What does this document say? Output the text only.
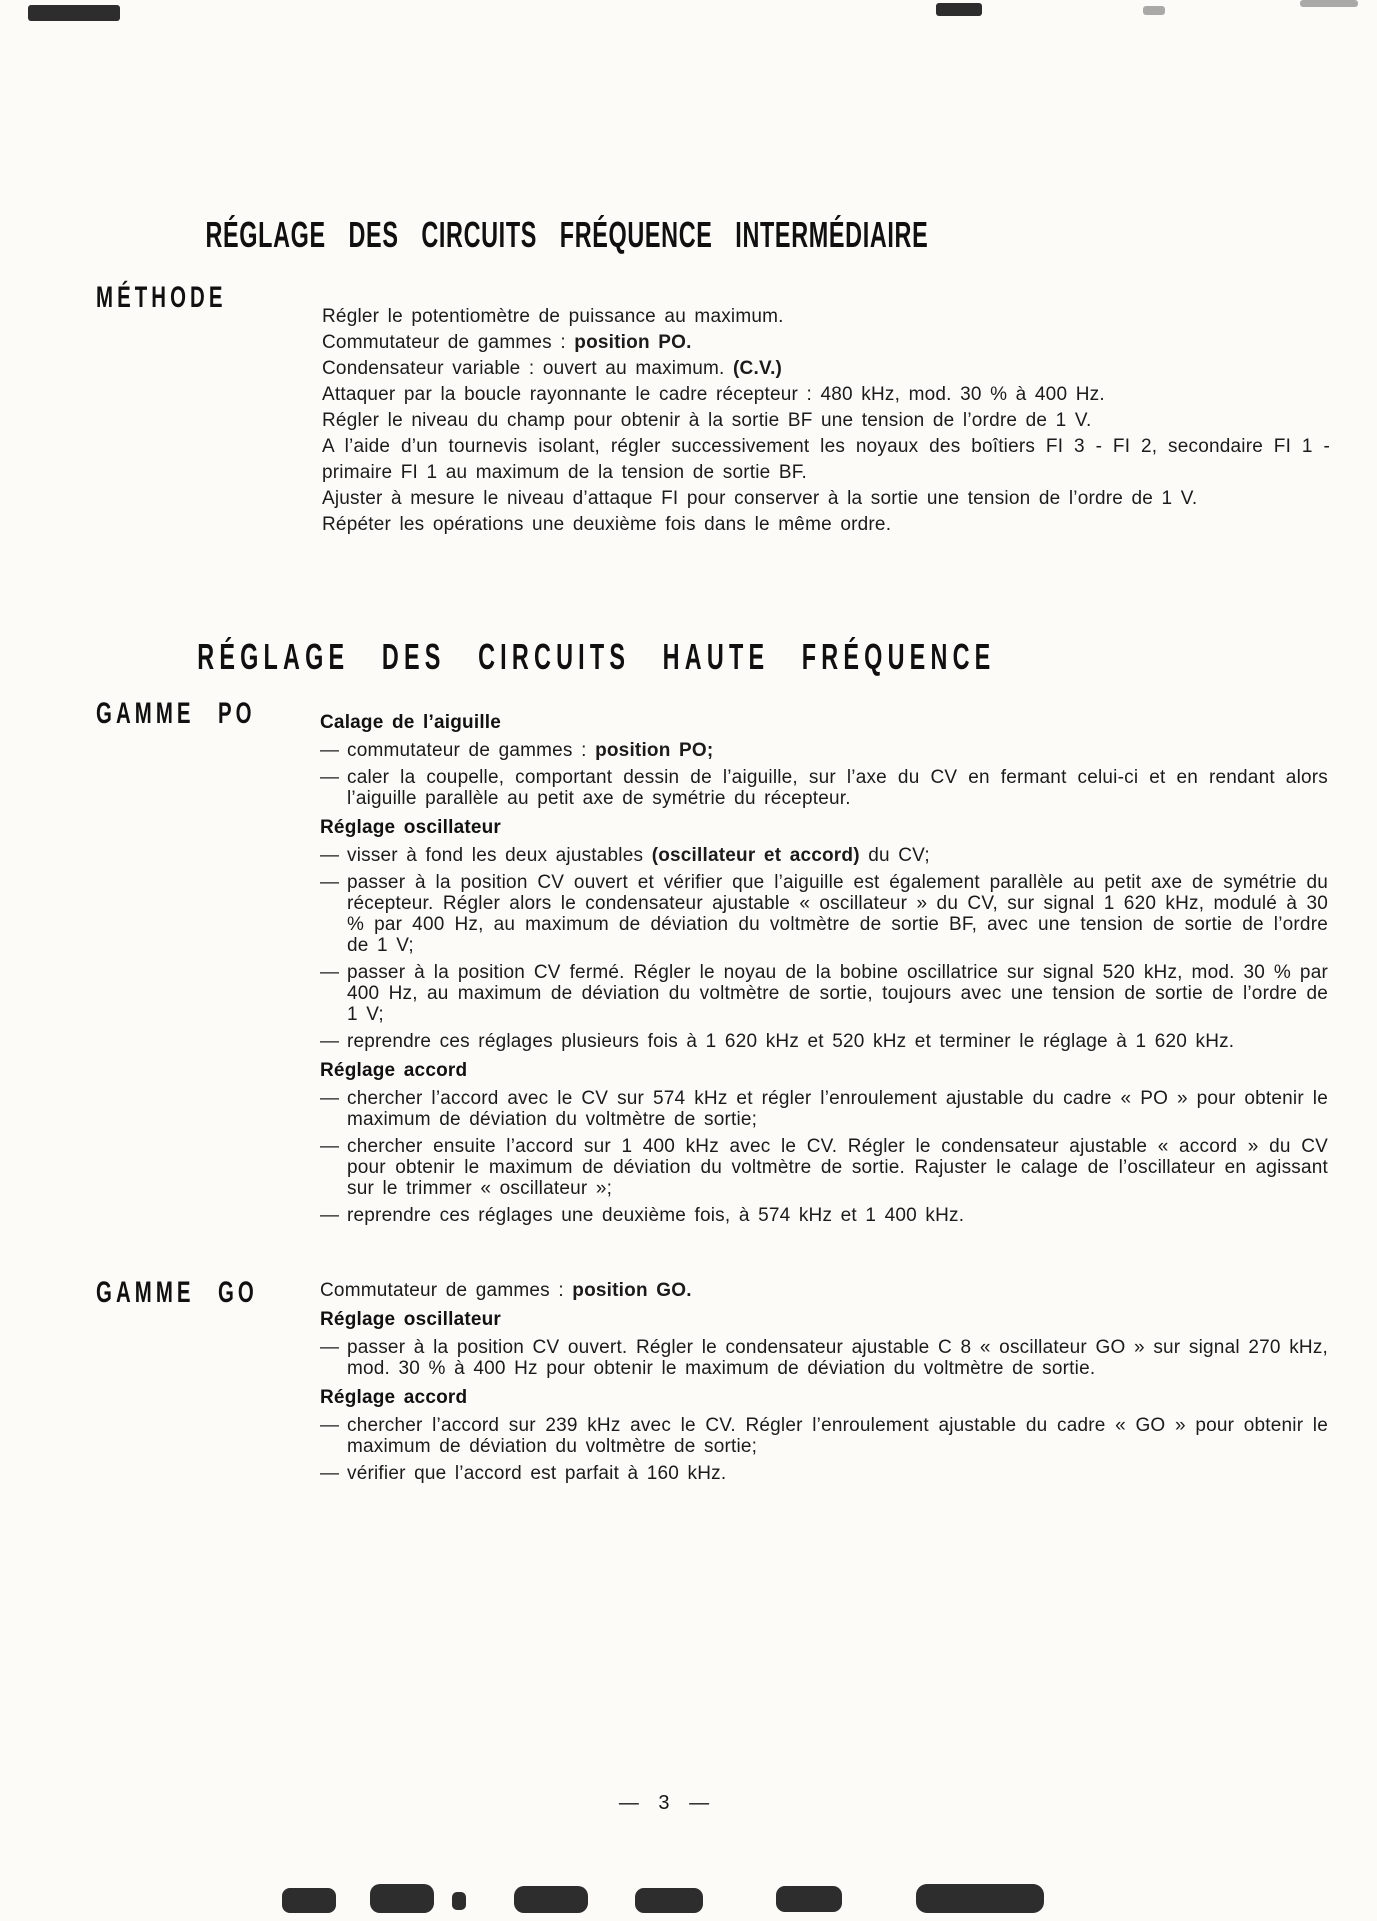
RÉGLAGE DES CIRCUITS FRÉQUENCE INTERMÉDIAIRE
MÉTHODE
Régler le potentiomètre de puissance au maximum.
Commutateur de gammes : position PO.
Condensateur variable : ouvert au maximum. (C.V.)
Attaquer par la boucle rayonnante le cadre récepteur : 480 kHz, mod. 30 % à 400 Hz.
Régler le niveau du champ pour obtenir à la sortie BF une tension de l’ordre de 1 V.
A l’aide d’un tournevis isolant, régler successivement les noyaux des boîtiers FI 3 - FI 2, secondaire FI 1 - primaire FI 1 au maximum de la tension de sortie BF.
Ajuster à mesure le niveau d’attaque FI pour conserver à la sortie une tension de l’ordre de 1 V.
Répéter les opérations une deuxième fois dans le même ordre.
RÉGLAGE DES CIRCUITS HAUTE FRÉQUENCE
GAMME PO	Calage de l’aiguille
— commutateur de gammes : position PO;
— caler la coupelle, comportant dessin de l’aiguille, sur l’axe du CV en fermant celui-ci et en rendant alors l’aiguille parallèle au petit axe de symétrie du récepteur.
Réglage oscillateur
— visser à fond les deux ajustables (oscillateur et accord) du CV;
— passer à la position CV ouvert et vérifier que l’aiguille est également parallèle au petit axe de symétrie du récepteur. Régler alors le condensateur ajustable « oscillateur » du CV, sur signal 1 620 kHz, modulé à 30 % par 400 Hz, au maximum de déviation du voltmètre de sortie BF, avec une tension de sortie de l’ordre de 1 V;
— passer à la position CV fermé. Régler le noyau de la bobine oscillatrice sur signal 520 kHz, mod. 30 % par 400 Hz, au maximum de déviation du voltmètre de sortie, toujours avec une tension de sortie de l’ordre de 1 V;
— reprendre ces réglages plusieurs fois à 1 620 kHz et 520 kHz et terminer le réglage à 1 620 kHz.
Réglage accord
— chercher l’accord avec le CV sur 574 kHz et régler l’enroulement ajustable du cadre « PO » pour obtenir le maximum de déviation du voltmètre de sortie;
— chercher ensuite l’accord sur 1 400 kHz avec le CV. Régler le condensateur ajustable « accord » du CV pour obtenir le maximum de déviation du voltmètre de sortie. Rajuster le calage de l’oscillateur en agissant sur le trimmer « oscillateur »;
— reprendre ces réglages une deuxième fois, à 574 kHz et 1 400 kHz.
GAMME GO	Commutateur de gammes : position GO.
Réglage oscillateur
— passer à la position CV ouvert. Régler le condensateur ajustable C 8 « oscillateur GO » sur signal 270 kHz, mod. 30 % à 400 Hz pour obtenir le maximum de déviation du voltmètre de sortie.
Réglage accord
— chercher l’accord sur 239 kHz avec le CV. Régler l’enroulement ajustable du cadre « GO » pour obtenir le maximum de déviation du voltmètre de sortie;
— vérifier que l’accord est parfait à 160 kHz.
— 3 —
